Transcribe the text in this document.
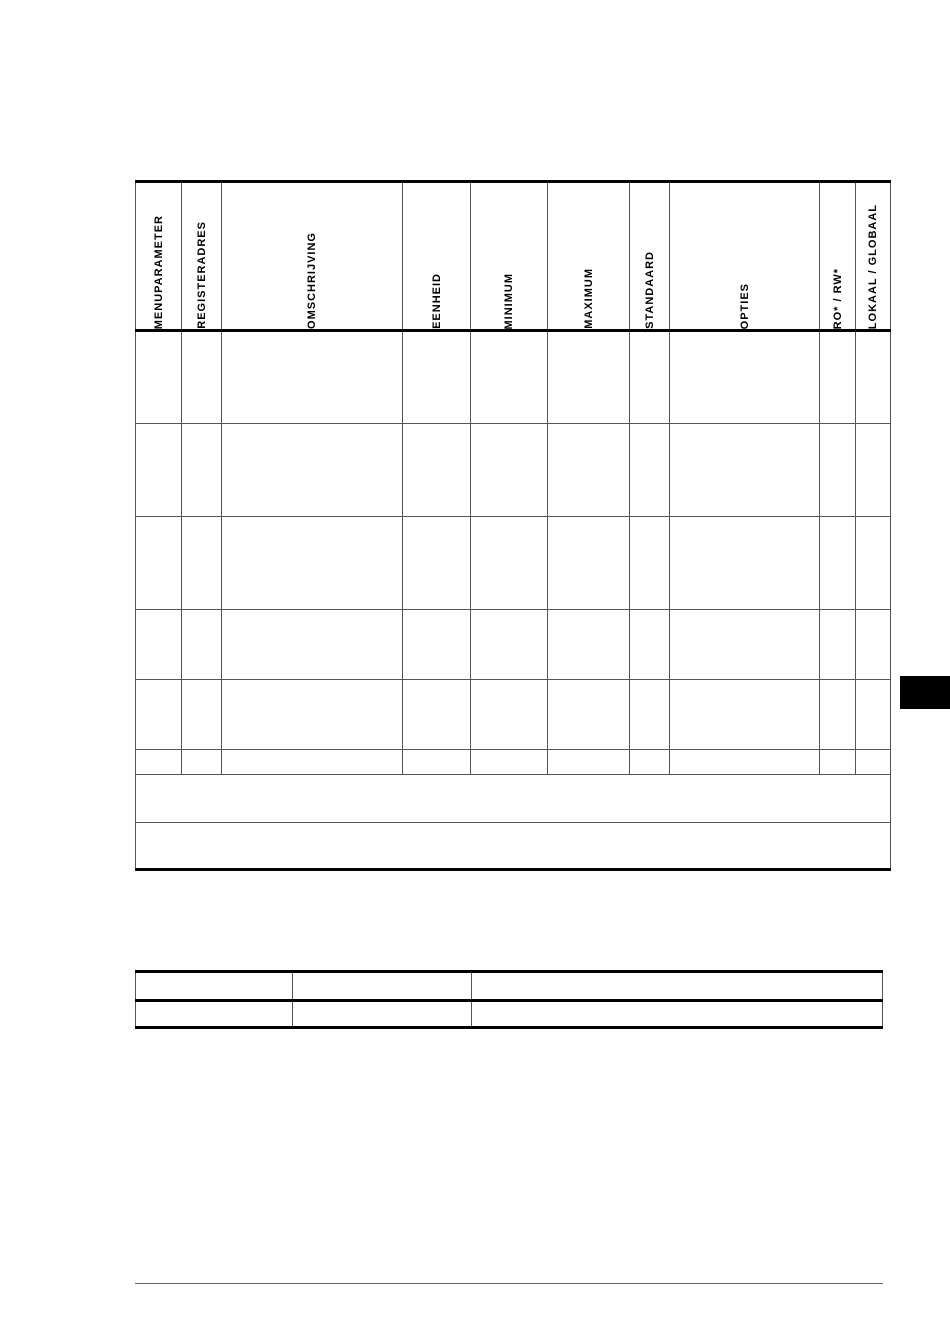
MENUPARAMETER	REGISTERADRES	OMSCHRIJVING	EENHEID	MINIMUM	MAXIMUM	STANDAARD	OPTIES	RO* / RW*	LOKAAL / GLOBAAL
